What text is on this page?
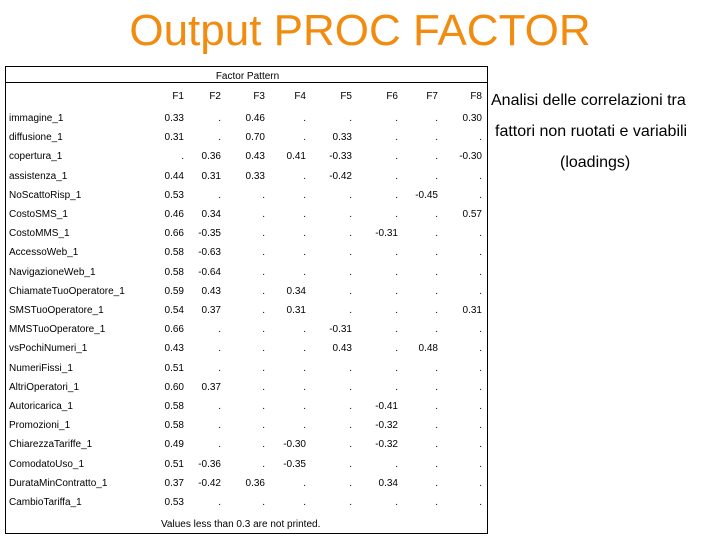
Output PROC FACTOR
Factor Pattern
F1	F2	F3	F4	F5	F6	F7	F8
immagine_1	0.33	.	0.46	.	.	.	.	0.30
diffusione_1	0.31	.	0.70	.	0.33	.	.	.
copertura_1	.	0.36	0.43	0.41	-0.33	.	.	-0.30
assistenza_1	0.44	0.31	0.33	.	-0.42	.	.	.
NoScattoRisp_1	0.53	.	.	.	.	.	-0.45	.
CostoSMS_1	0.46	0.34	.	.	.	.	.	0.57
CostoMMS_1	0.66	-0.35	.	.	.	-0.31	.	.
AccessoWeb_1	0.58	-0.63	.	.	.	.	.	.
NavigazioneWeb_1	0.58	-0.64	.	.	.	.	.	.
ChiamateTuoOperatore_1	0.59	0.43	.	0.34	.	.	.	.
SMSTuoOperatore_1	0.54	0.37	.	0.31	.	.	.	0.31
MMSTuoOperatore_1	0.66	.	.	.	-0.31	.	.	.
vsPochiNumeri_1	0.43	.	.	.	0.43	.	0.48	.
NumeriFissi_1	0.51	.	.	.	.	.	.	.
AltriOperatori_1	0.60	0.37	.	.	.	.	.	.
Autoricarica_1	0.58	.	.	.	.	-0.41	.	.
Promozioni_1	0.58	.	.	.	.	-0.32	.	.
ChiarezzaTariffe_1	0.49	.	.	-0.30	.	-0.32	.	.
ComodatoUso_1	0.51	-0.36	.	-0.35	.	.	.	.
DurataMinContratto_1	0.37	-0.42	0.36	.	.	0.34	.	.
CambioTariffa_1	0.53	.	.	.	.	.	.	.
Values less than 0.3 are not printed.
Analisi delle correlazioni tra
fattori non ruotati e variabili
(loadings)
